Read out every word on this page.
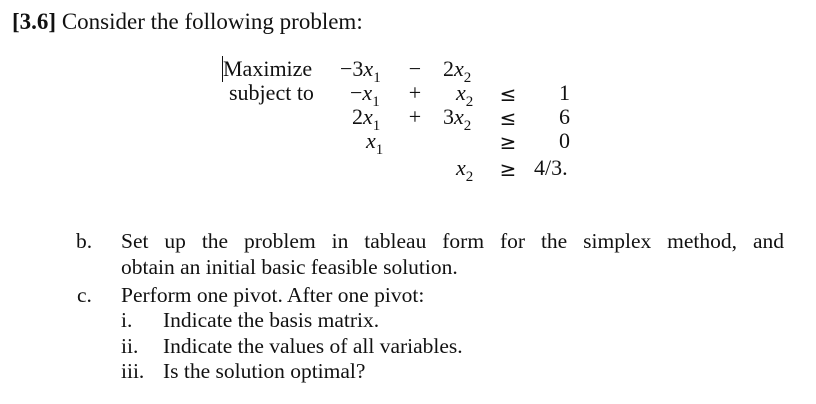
[3.6] Consider the following problem:
Maximize
subject to
$-3x_1 - 2x_2$
$-x_1 + x_2$ ≤	1
$2x_1 + 3x_2$ ≤	6
$x_1$	≥	0
$x_2 \ge 4/3$.
b. Set up the problem in tableau form for the simplex method, and
obtain an initial basic feasible solution.
c. Perform one pivot. After one pivot:
i. Indicate the basis matrix.
ii. Indicate the values of all variables.
iii. Is the solution optimal?
